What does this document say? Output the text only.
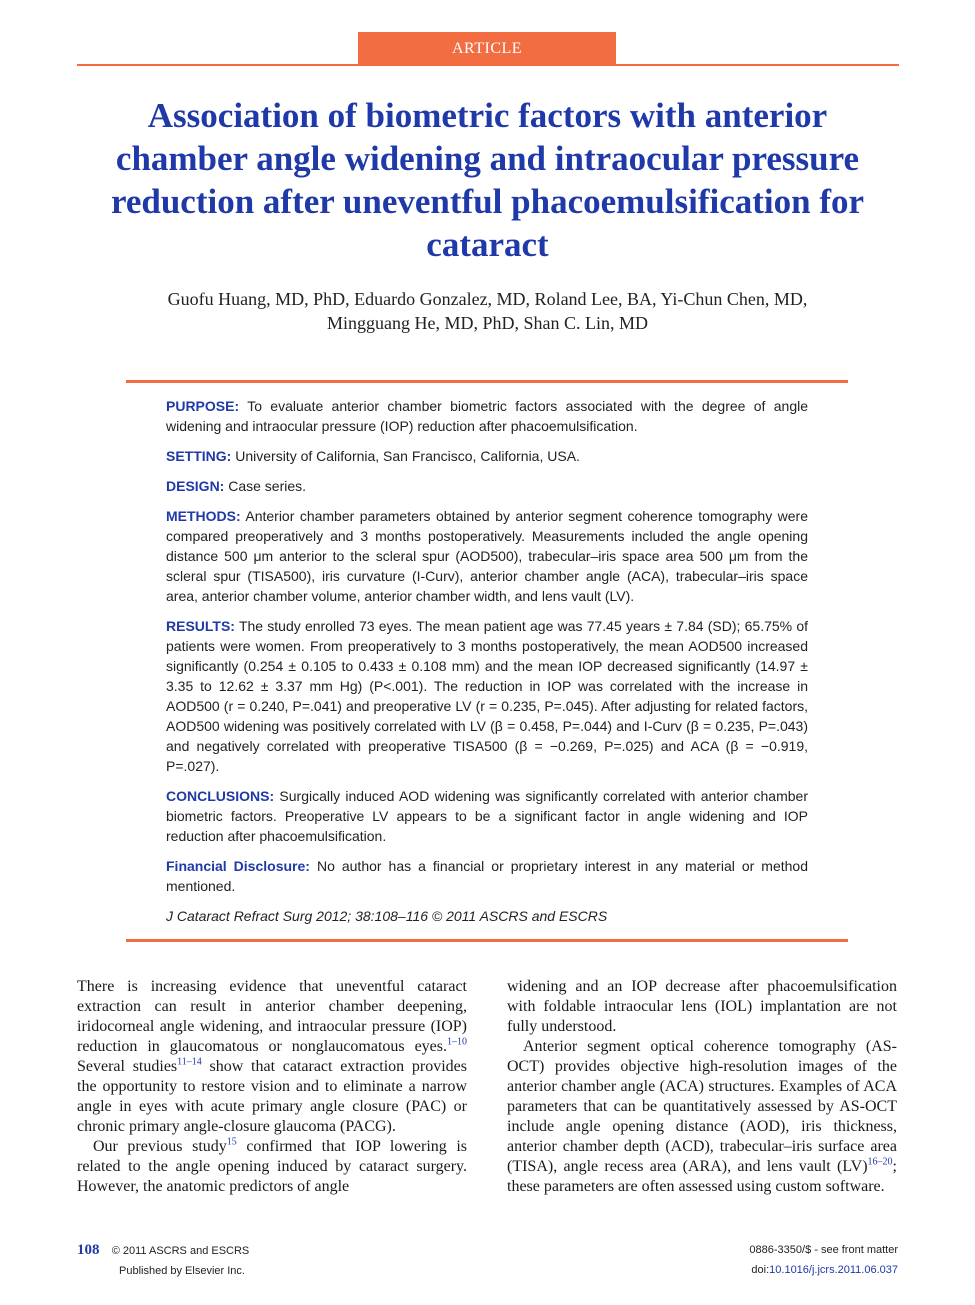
ARTICLE
Association of biometric factors with anterior chamber angle widening and intraocular pressure reduction after uneventful phacoemulsification for cataract
Guofu Huang, MD, PhD, Eduardo Gonzalez, MD, Roland Lee, BA, Yi-Chun Chen, MD,
Mingguang He, MD, PhD, Shan C. Lin, MD

PURPOSE: To evaluate anterior chamber biometric factors associated with the degree of angle widening and intraocular pressure (IOP) reduction after phacoemulsification.

SETTING: University of California, San Francisco, California, USA.

DESIGN: Case series.

METHODS: Anterior chamber parameters obtained by anterior segment coherence tomography were compared preoperatively and 3 months postoperatively. Measurements included the angle opening distance 500 μm anterior to the scleral spur (AOD500), trabecular–iris space area 500 μm from the scleral spur (TISA500), iris curvature (I-Curv), anterior chamber angle (ACA), trabecular–iris space area, anterior chamber volume, anterior chamber width, and lens vault (LV).

RESULTS: The study enrolled 73 eyes. The mean patient age was 77.45 years ± 7.84 (SD); 65.75% of patients were women. From preoperatively to 3 months postoperatively, the mean AOD500 increased significantly (0.254 ± 0.105 to 0.433 ± 0.108 mm) and the mean IOP decreased significantly (14.97 ± 3.35 to 12.62 ± 3.37 mm Hg) (P<.001). The reduction in IOP was correlated with the increase in AOD500 (r = 0.240, P=.041) and preoperative LV (r = 0.235, P=.045). After adjusting for related factors, AOD500 widening was positively correlated with LV (β = 0.458, P=.044) and I-Curv (β = 0.235, P=.043) and negatively correlated with preoperative TISA500 (β = −0.269, P=.025) and ACA (β = −0.919, P=.027).

CONCLUSIONS: Surgically induced AOD widening was significantly correlated with anterior chamber biometric factors. Preoperative LV appears to be a significant factor in angle widening and IOP reduction after phacoemulsification.

Financial Disclosure: No author has a financial or proprietary interest in any material or method mentioned.

J Cataract Refract Surg 2012; 38:108–116 © 2011 ASCRS and ESCRS

There is increasing evidence that uneventful cataract extraction can result in anterior chamber deepening, iridocorneal angle widening, and intraocular pressure (IOP) reduction in glaucomatous or nonglaucomatous eyes.$^{1-10}$ Several studies$^{11-14}$ show that cataract extraction provides the opportunity to restore vision and to eliminate a narrow angle in eyes with acute primary angle closure (PAC) or chronic primary angle-closure glaucoma (PACG).

Our previous study$^{15}$ confirmed that IOP lowering is related to the angle opening induced by cataract surgery. However, the anatomic predictors of angle

widening and an IOP decrease after phacoemulsification with foldable intraocular lens (IOL) implantation are not fully understood.

Anterior segment optical coherence tomography (AS-OCT) provides objective high-resolution images of the anterior chamber angle (ACA) structures. Examples of ACA parameters that can be quantitatively assessed by AS-OCT include angle opening distance (AOD), iris thickness, anterior chamber depth (ACD), trabecular–iris surface area (TISA), angle recess area (ARA), and lens vault (LV)$^{16-20}$; these parameters are often assessed using custom software.

108 © 2011 ASCRS and ESCRS
Published by Elsevier Inc.
0886-3350/$ - see front matter
doi:10.1016/j.jcrs.2011.06.037
